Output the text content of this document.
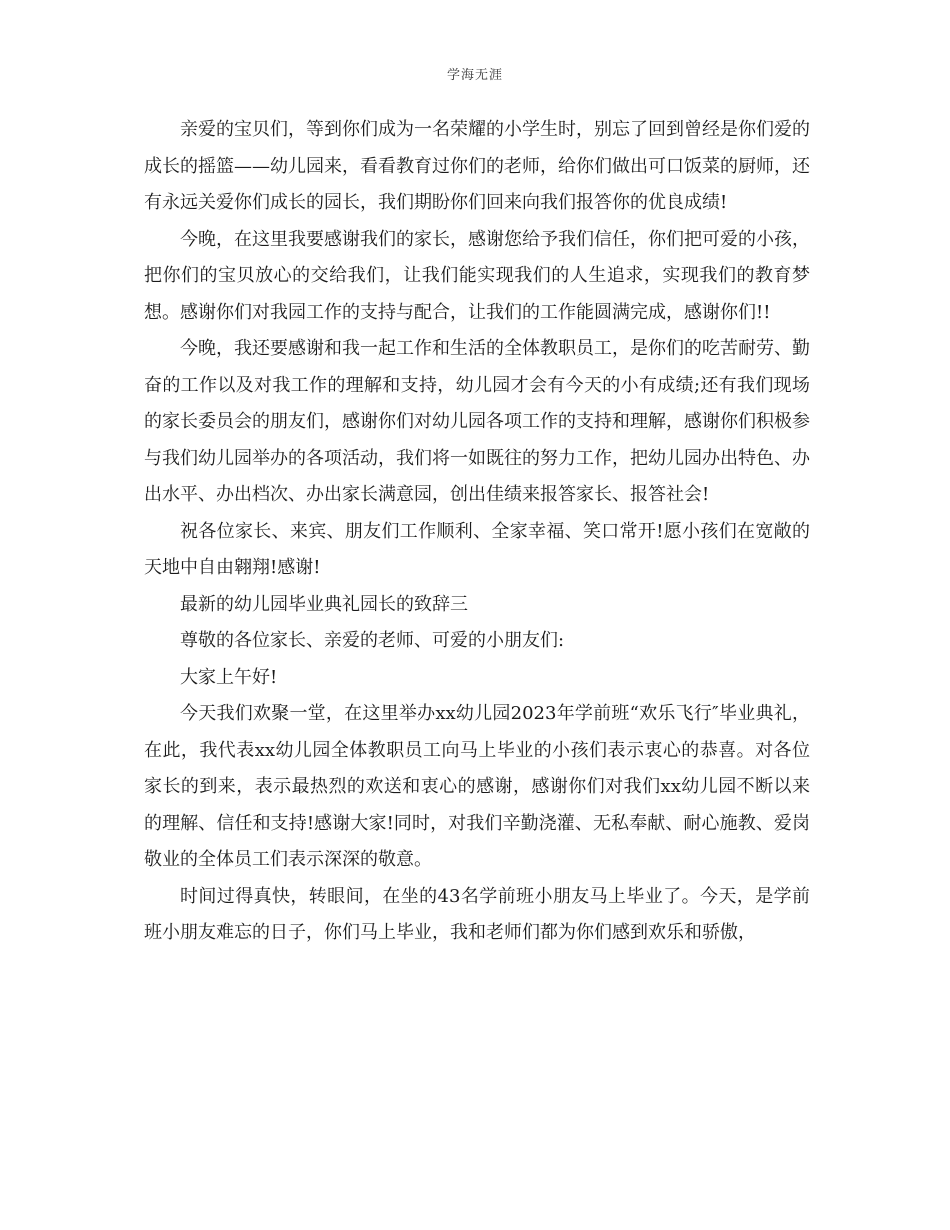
学海无涯

亲爱的宝贝们，等到你们成为一名荣耀的小学生时，别忘了回到曾经是你们爱的成长的摇篮——幼儿园来，看看教育过你们的老师，给你们做出可口饭菜的厨师，还有永远关爱你们成长的园长，我们期盼你们回来向我们报答你的优良成绩!

今晚，在这里我要感谢我们的家长，感谢您给予我们信任，你们把可爱的小孩，把你们的宝贝放心的交给我们，让我们能实现我们的人生追求，实现我们的教育梦想。感谢你们对我园工作的支持与配合，让我们的工作能圆满完成，感谢你们!!

今晚，我还要感谢和我一起工作和生活的全体教职员工，是你们的吃苦耐劳、勤奋的工作以及对我工作的理解和支持，幼儿园才会有今天的小有成绩;还有我们现场的家长委员会的朋友们，感谢你们对幼儿园各项工作的支持和理解，感谢你们积极参与我们幼儿园举办的各项活动，我们将一如既往的努力工作，把幼儿园办出特色、办出水平、办出档次、办出家长满意园，创出佳绩来报答家长、报答社会!

祝各位家长、来宾、朋友们工作顺利、全家幸福、笑口常开!愿小孩们在宽敞的天地中自由翱翔!感谢!

最新的幼儿园毕业典礼园长的致辞三

尊敬的各位家长、亲爱的老师、可爱的小朋友们:

大家上午好!

今天我们欢聚一堂，在这里举办xx幼儿园2023年学前班“欢乐飞行″毕业典礼，在此，我代表xx幼儿园全体教职员工向马上毕业的小孩们表示衷心的恭喜。对各位家长的到来，表示最热烈的欢送和衷心的感谢，感谢你们对我们xx幼儿园不断以来的理解、信任和支持!感谢大家!同时，对我们辛勤浇灌、无私奉献、耐心施教、爱岗敬业的全体员工们表示深深的敬意。

时间过得真快，转眼间，在坐的43名学前班小朋友马上毕业了。今天，是学前班小朋友难忘的日子，你们马上毕业，我和老师们都为你们感到欢乐和骄傲，
